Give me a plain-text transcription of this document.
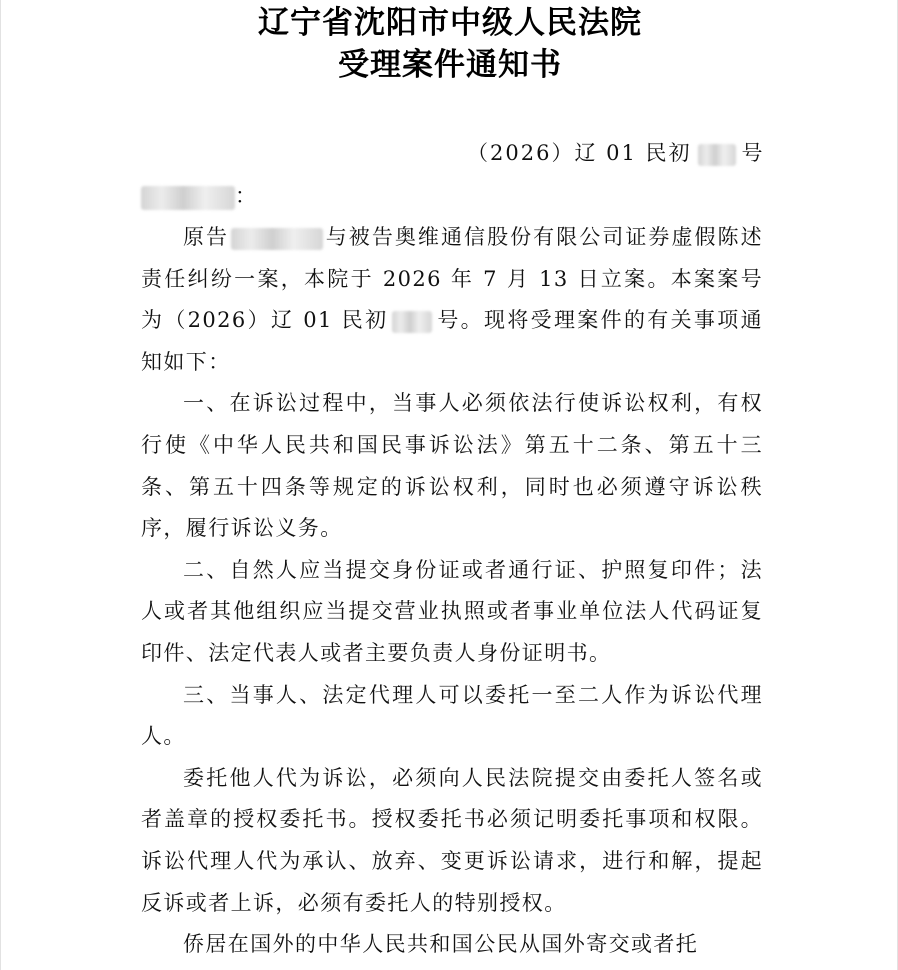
辽宁省沈阳市中级人民法院
受理案件通知书
（2026）辽 01 民初 号
：

原告	与被告奥维通信股份有限公司证券虚假陈述责任纠纷一案，本院于 2026 年 7 月 13 日立案。本案案号为（2026）辽 01 民初 号。现将受理案件的有关事项通知如下：

一、在诉讼过程中，当事人必须依法行使诉讼权利，有权行使《中华人民共和国民事诉讼法》第五十二条、第五十三条、第五十四条等规定的诉讼权利，同时也必须遵守诉讼秩序，履行诉讼义务。

二、自然人应当提交身份证或者通行证、护照复印件；法人或者其他组织应当提交营业执照或者事业单位法人代码证复印件、法定代表人或者主要负责人身份证明书。

三、当事人、法定代理人可以委托一至二人作为诉讼代理人。

委托他人代为诉讼，必须向人民法院提交由委托人签名或者盖章的授权委托书。授权委托书必须记明委托事项和权限。诉讼代理人代为承认、放弃、变更诉讼请求，进行和解，提起反诉或者上诉，必须有委托人的特别授权。

侨居在国外的中华人民共和国公民从国外寄交或者托
